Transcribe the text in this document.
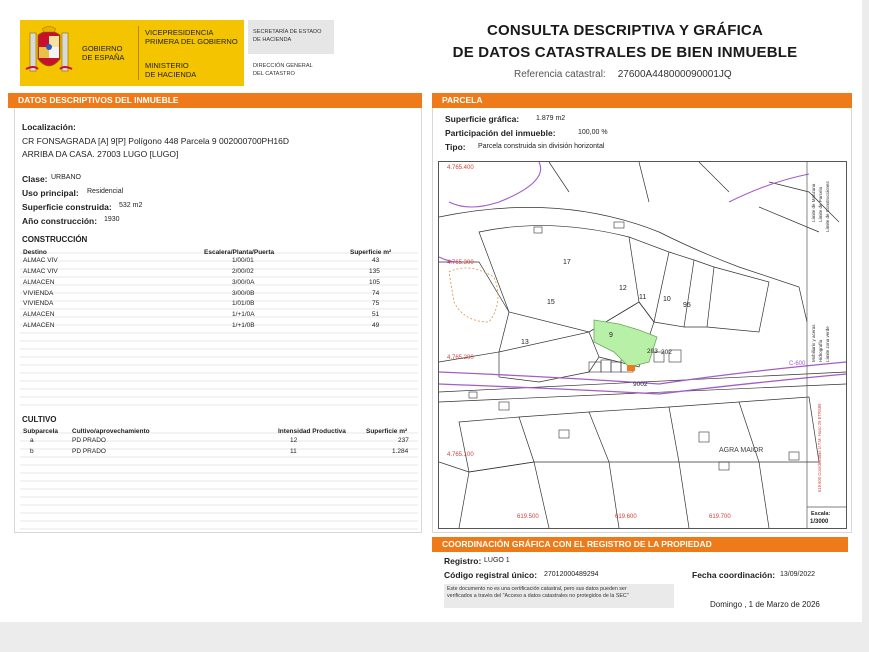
GOBIERNO
DE ESPAÑA
VICEPRESIDENCIA
PRIMERA DEL GOBIERNO
MINISTERIO
DE HACIENDA
SECRETARÍA DE ESTADO
DE HACIENDA
DIRECCIÓN GENERAL
DEL CATASTRO
CONSULTA DESCRIPTIVA Y GRÁFICA
DE DATOS CATASTRALES DE BIEN INMUEBLE
Referencia catastral: 27600A448000090001JQ
DATOS DESCRIPTIVOS DEL INMUEBLE
Localización:
CR FONSAGRADA [A] 9[P] Polígono 448 Parcela 9 002000700PH16D
ARRIBA DA CASA. 27003 LUGO [LUGO]
Clase: URBANO
Uso principal: Residencial
Superficie construida: 532 m2
Año construcción: 1930
CONSTRUCCIÓN
Destino	Escalera/Planta/Puerta	Superficie m²
ALMAC VIV	1/00/01	43
ALMAC VIV	2/00/02	135
ALMACEN	3/00/0A	105
VIVIENDA	3/00/0B	74
VIVIENDA	1/01/0B	75
ALMACEN	1/+1/0A	51
ALMACEN	1/+1/0B	49
CULTIVO
Subparcela Cultivo/aprovechamiento	Intensidad Productiva	Superficie m²
a	PD PRADO	12	237
b	PD PRADO	11	1.284
PARCELA
Superficie gráfica: 1.879 m2
Participación del inmueble:	100,00 %
Tipo: Parcela construida sin división horizontal
4.765.400
4.765.300
4.765.200
4.765.100
619.500	619.600	619.700
17
12
11 10
95
15
13
9
203 202
9002
AGRA MAIOR
C-600
Límite de Manzana Límite de Parcela Límite de Construcciones
Mobiliario y aceras Límite zona verde
Hidrografía
619.600 Coordenadas U.T.M. Huso 29 ETRS89
Escala:
1/3000
COORDINACIÓN GRÁFICA CON EL REGISTRO DE LA PROPIEDAD
Registro: LUGO 1
Código registral único: 27012000489294	Fecha coordinación: 13/09/2022
Este documento no es una certificación catastral, pero sus datos pueden ser
verificados a través del "Acceso a datos catastrales no protegidos de la SEC"
Domingo , 1 de Marzo de 2026
